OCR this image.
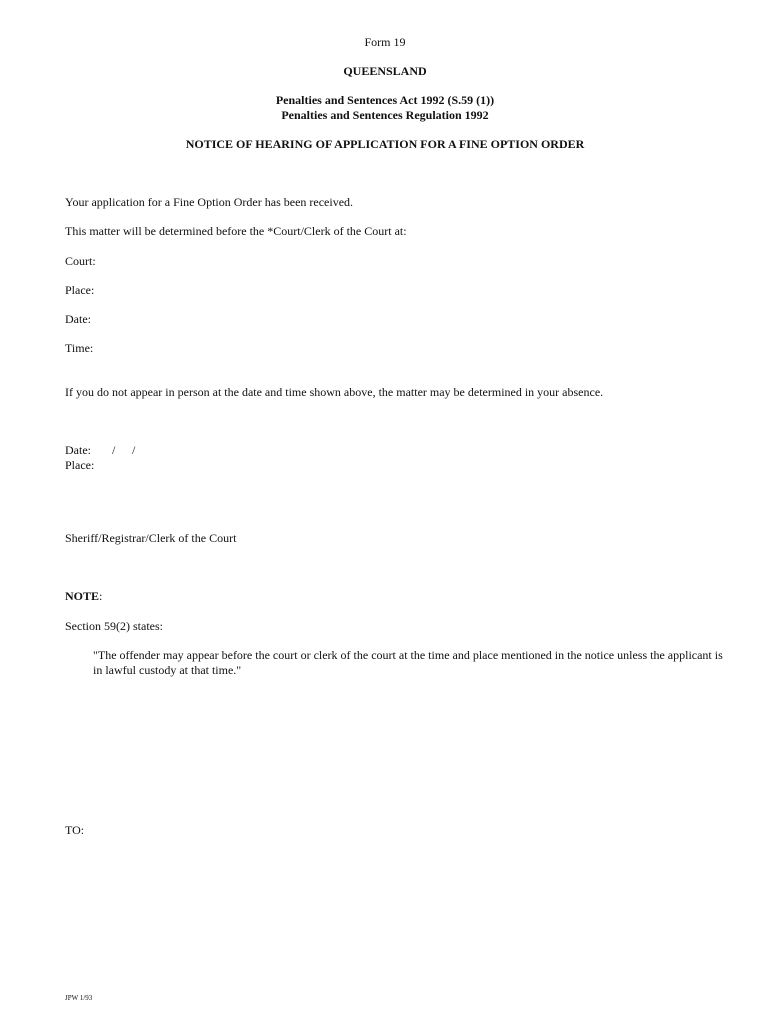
Form 19
QUEENSLAND
Penalties and Sentences Act 1992 (S.59 (1))
Penalties and Sentences Regulation 1992
NOTICE OF HEARING OF APPLICATION FOR A FINE OPTION ORDER
Your application for a Fine Option Order has been received.
This matter will be determined before the *Court/Clerk of the Court at:
Court:
Place:
Date:
Time:
If you do not appear in person at the date and time shown above, the matter may be determined in your absence.
Date: / /
Place:
Sheriff/Registrar/Clerk of the Court
NOTE:
Section 59(2) states:
"The offender may appear before the court or clerk of the court at the time and place mentioned in the notice unless the applicant is in lawful custody at that time."
TO:
JPW 1/93
